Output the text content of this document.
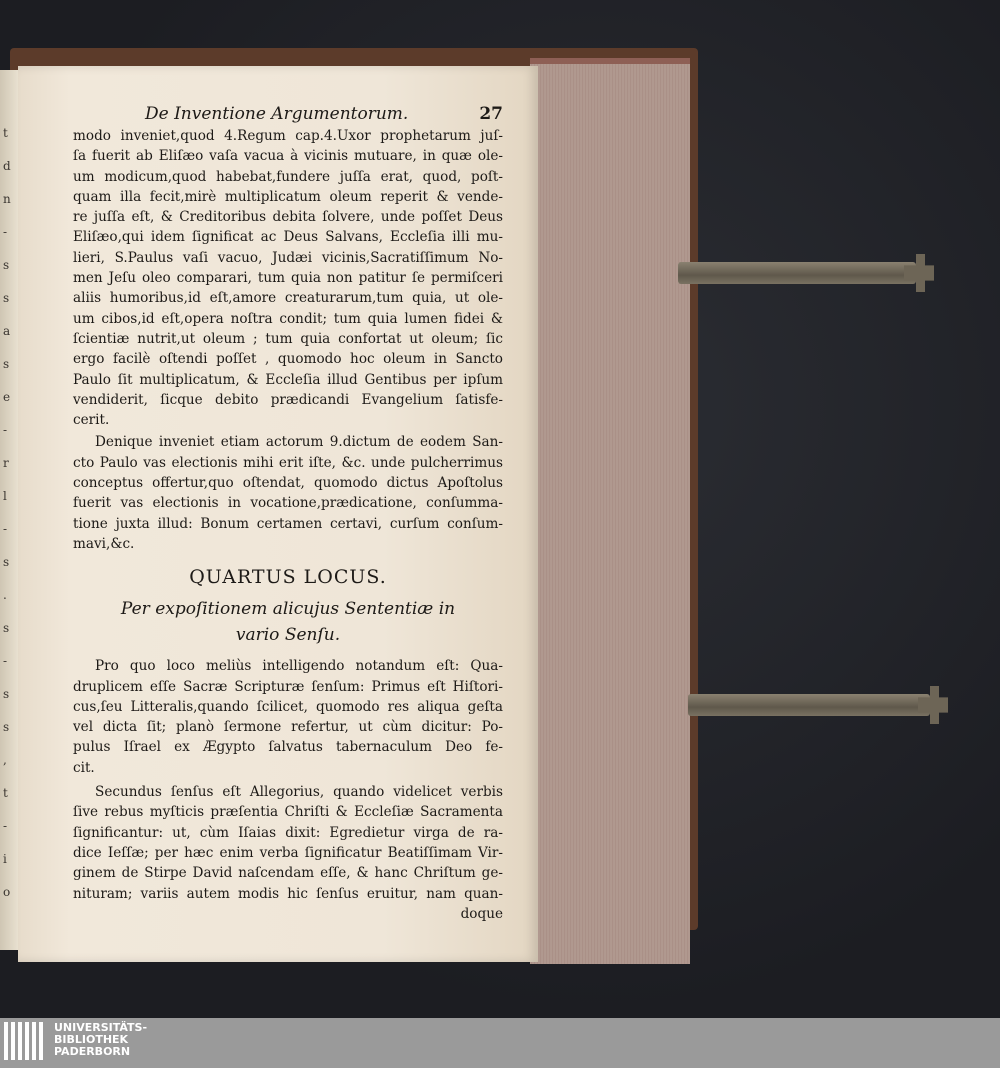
t
d
n
-
s
s
a
s
e
-
r
l
-
s
.
s
-
s
s
,
t
-
i
o
De Inventione Argumentorum.	27

modo inveniet,quod 4.Regum cap.4.Uxor prophetarum juſ-
ſa fuerit ab Eliſæo vaſa vacua à vicinis mutuare, in quæ ole-
um modicum,quod habebat,fundere juſſa erat, quod, poſt-
quam illa fecit,mirè multiplicatum oleum reperit & vende-
re juſſa eſt, & Creditoribus debita ſolvere, unde poſſet Deus
Eliſæo,qui idem ſignificat ac Deus Salvans, Eccleſia illi mu-
lieri, S.Paulus vaſi vacuo, Judæi vicinis,Sacratiſſimum No-
men Jeſu oleo comparari, tum quia non patitur ſe permiſceri
aliis humoribus,id eſt,amore creaturarum,tum quia, ut ole-
um cibos,id eſt,opera noſtra condit; tum quia lumen fidei &
ſcientiæ nutrit,ut oleum ; tum quia confortat ut oleum; ſic
ergo facilè oſtendi poſſet , quomodo hoc oleum in Sancto
Paulo ſit multiplicatum, & Eccleſia illud Gentibus per ipſum
vendiderit, ſicque debito prædicandi Evangelium ſatisfe-
cerit.

Denique inveniet etiam actorum 9.dictum de eodem San-
cto Paulo vas electionis mihi erit iſte, &c. unde pulcherrimus
conceptus offertur,quo oſtendat, quomodo dictus Apoſtolus
fuerit vas electionis in vocatione,prædicatione, conſumma-
tione juxta illud: Bonum certamen certavi, curſum conſum-
mavi,&c.

QUARTUS LOCUS.
Per expoſitionem alicujus Sententiæ in
vario Senſu.

Pro quo loco meliùs intelligendo notandum eſt: Qua-
druplicem eſſe Sacræ Scripturæ ſenſum: Primus eſt Hiſtori-
cus,ſeu Litteralis,quando ſcilicet, quomodo res aliqua geſta
vel dicta ſit; planò ſermone refertur, ut cùm dicitur: Po-
pulus Iſrael ex Ægypto ſalvatus tabernaculum Deo fe-
cit.

Secundus ſenſus eſt Allegorius, quando videlicet verbis
ſive rebus myſticis præſentia Chriſti & Eccleſiæ Sacramenta
ſignificantur: ut, cùm Iſaias dixit: Egredietur virga de ra-
dice Ieſſæ; per hæc enim verba ſignificatur Beatiſſimam Vir-
ginem de Stirpe David naſcendam eſſe, & hanc Chriſtum ge-
nituram; variis autem modis hic ſenſus eruitur, nam quan-

doque
UNIVERSITÄTS-
BIBLIOTHEK
PADERBORN
